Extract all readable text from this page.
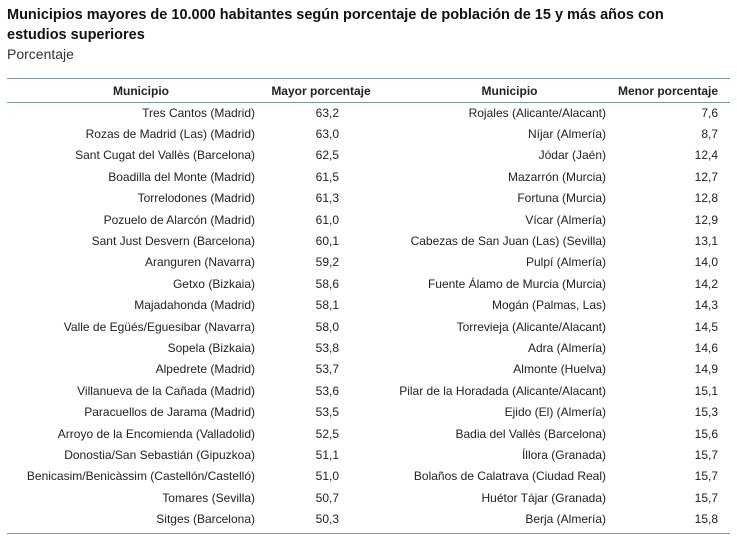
Municipios mayores de 10.000 habitantes según porcentaje de población de 15 y más años con estudios superiores
Porcentaje
Municipio	Mayor porcentaje	Municipio	Menor porcentaje
Tres Cantos (Madrid)	63,2	Rojales (Alicante/Alacant)	7,6
Rozas de Madrid (Las) (Madrid)	63,0	Níjar (Almería)	8,7
Sant Cugat del Vallès (Barcelona)	62,5	Jódar (Jaén)	12,4
Boadilla del Monte (Madrid)	61,5	Mazarrón (Murcia)	12,7
Torrelodones (Madrid)	61,3	Fortuna (Murcia)	12,8
Pozuelo de Alarcón (Madrid)	61,0	Vícar (Almería)	12,9
Sant Just Desvern (Barcelona)	60,1	Cabezas de San Juan (Las) (Sevilla)	13,1
Aranguren (Navarra)	59,2	Pulpí (Almería)	14,0
Getxo (Bizkaia)	58,6	Fuente Álamo de Murcia (Murcia)	14,2
Majadahonda (Madrid)	58,1	Mogán (Palmas, Las)	14,3
Valle de Egüés/Eguesibar (Navarra)	58,0	Torrevieja (Alicante/Alacant)	14,5
Sopela (Bizkaia)	53,8	Adra (Almería)	14,6
Alpedrete (Madrid)	53,7	Almonte (Huelva)	14,9
Villanueva de la Cañada (Madrid)	53,6	Pilar de la Horadada (Alicante/Alacant)	15,1
Paracuellos de Jarama (Madrid)	53,5	Ejido (El) (Almería)	15,3
Arroyo de la Encomienda (Valladolid)	52,5	Badia del Vallès (Barcelona)	15,6
Donostia/San Sebastián (Gipuzkoa)	51,1	Íllora (Granada)	15,7
Benicasim/Benicàssim (Castellón/Castelló)	51,0	Bolaños de Calatrava (Ciudad Real)	15,7
Tomares (Sevilla)	50,7	Huétor Tájar (Granada)	15,7
Sitges (Barcelona)	50,3	Berja (Almería)	15,8
